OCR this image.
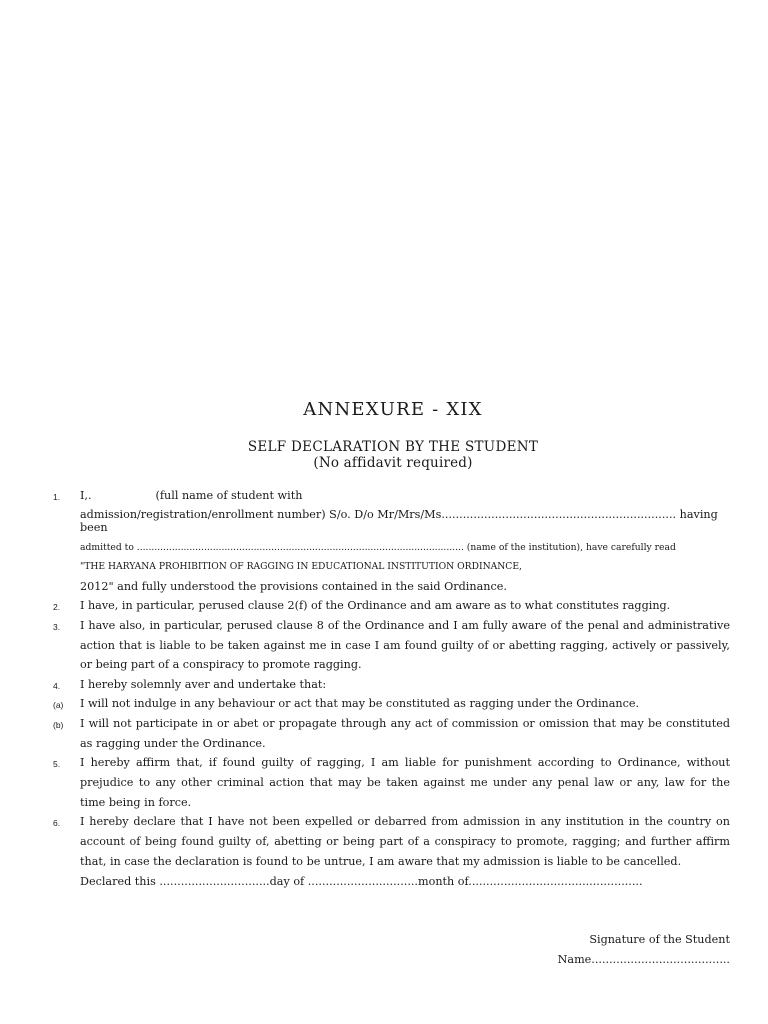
ANNEXURE - XIX
SELF DECLARATION BY THE STUDENT
(No affidavit required)
1. I,.                  (full name of student with
admission/registration/enrollment number) S/o. D/o Mr/Mrs/Ms.................................................................. having
been
admitted to ................................................................................................................ (name of the institution), have carefully read
"THE HARYANA PROHIBITION OF RAGGING IN EDUCATIONAL INSTITUTION ORDINANCE,
2012" and fully understood the provisions contained in the said Ordinance.
2. I have, in particular, perused clause 2(f) of the Ordinance and am aware as to what constitutes ragging.
3. I have also, in particular, perused clause 8 of the Ordinance and I am fully aware of the penal and administrative
action that is liable to be taken against me in case I am found guilty of or abetting ragging, actively or passively,
or being part of a conspiracy to promote ragging.
4. I hereby solemnly aver and undertake that:
(a) I will not indulge in any behaviour or act that may be constituted as ragging under the Ordinance.
(b) I will not participate in or abet or propagate through any act of commission or omission that may be constituted
as ragging under the Ordinance.
5. I hereby affirm that, if found guilty of ragging, I am liable for punishment according to Ordinance, without
prejudice to any other criminal action that may be taken against me under any penal law or any, law for the
time being in force.
6. I hereby declare that I have not been expelled or debarred from admission in any institution in the country on
account of being found guilty of, abetting or being part of a conspiracy to promote, ragging; and further affirm
that, in case the declaration is found to be untrue, I am aware that my admission is liable to be cancelled.
Declared this ...............................day of ...............................month of.................................................
Signature of the Student
Name.......................................
